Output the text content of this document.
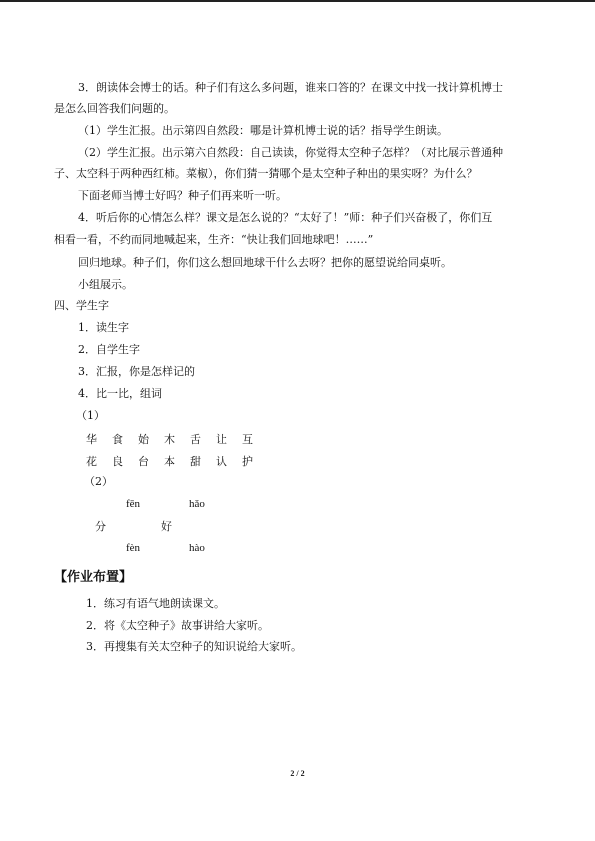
3．朗读体会博士的话。种子们有这么多问题，谁来口答的？在课文中找一找计算机博士
是怎么回答我们问题的。
（1）学生汇报。出示第四自然段：哪是计算机博士说的话？指导学生朗读。
（2）学生汇报。出示第六自然段：自己读读，你觉得太空种子怎样？（对比展示普通种
子、太空科于两种西红柿。菜椒），你们猜一猜哪个是太空种子种出的果实呀？为什么？
下面老师当博士好吗？种子们再来听一听。
4．听后你的心情怎么样？课文是怎么说的？“太好了！”师：种子们兴奋极了，你们互
相看一看，不约而同地喊起来，生齐：“快让我们回地球吧！……”
回归地球。种子们，你们这么想回地球干什么去呀？把你的愿望说给同桌听。
小组展示。
四、学生字
1．读生字
2．自学生字
3．汇报，你是怎样记的
4．比一比，组词
（1）
华 食 始 木 舌 让 互
花 良 台 本 甜 认 护
（2）
fēn	hǎo
分	好
fèn	hào
【作业布置】
1．练习有语气地朗读课文。
2．将《太空种子》故事讲给大家听。
3．再搜集有关太空种子的知识说给大家听。
2 / 2
